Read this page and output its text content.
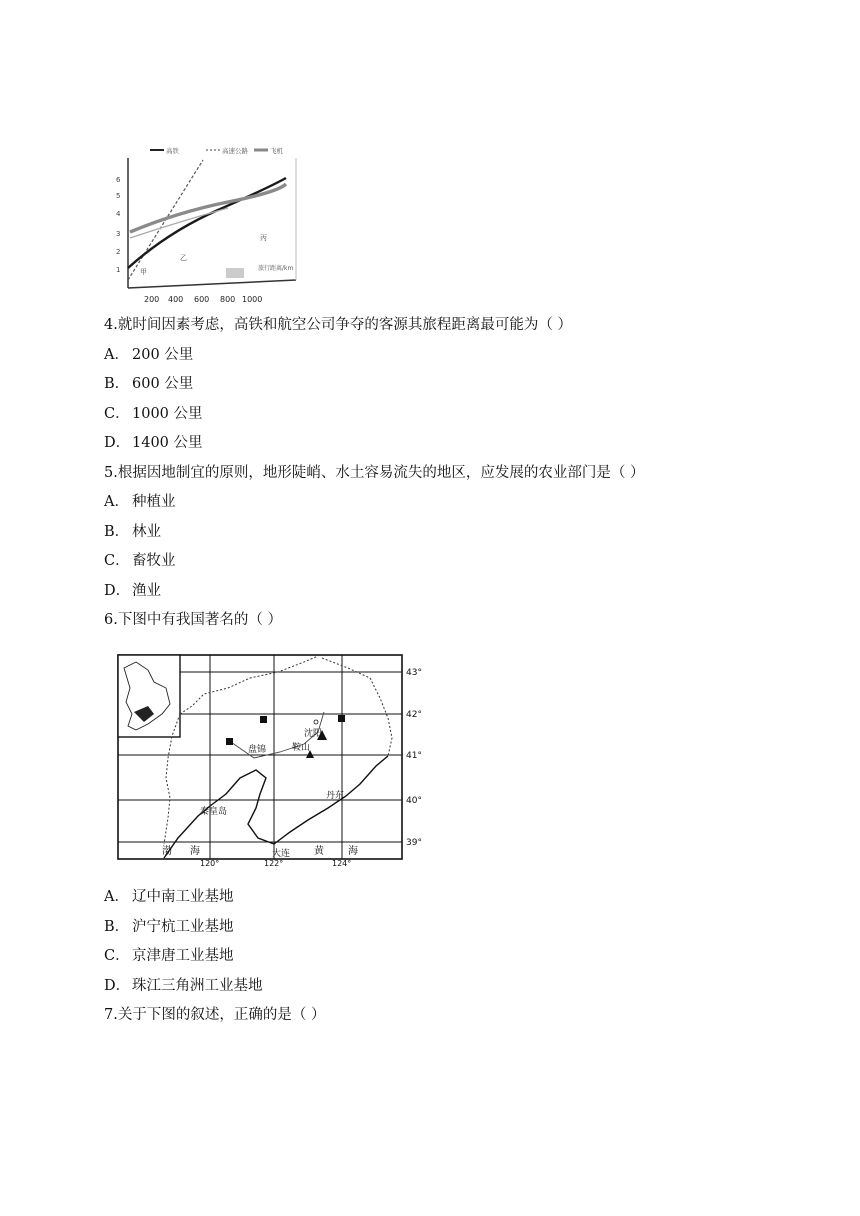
高铁	高速公路	飞机
6
5
4
3
2
1
200 400 600 800 1000
旅行距离/km
甲
乙
丙
4.就时间因素考虑，高铁和航空公司争夺的客源其旅程距离最可能为（ ）
A． 200 公里
B． 600 公里
C． 1000 公里
D． 1400 公里
5.根据因地制宜的原则，地形陡峭、水土容易流失的地区，应发展的农业部门是（ ）
A． 种植业
B． 林业
C． 畜牧业
D． 渔业
6.下图中有我国著名的（ ）
沈阳
鞍山
盘锦
秦皇岛
丹东
大连
渤 海	黄 海
43°
42°
41°
40°
39°
120°	122°	124°
A． 辽中南工业基地
B． 沪宁杭工业基地
C． 京津唐工业基地
D． 珠江三角洲工业基地
7.关于下图的叙述，正确的是（ ）
